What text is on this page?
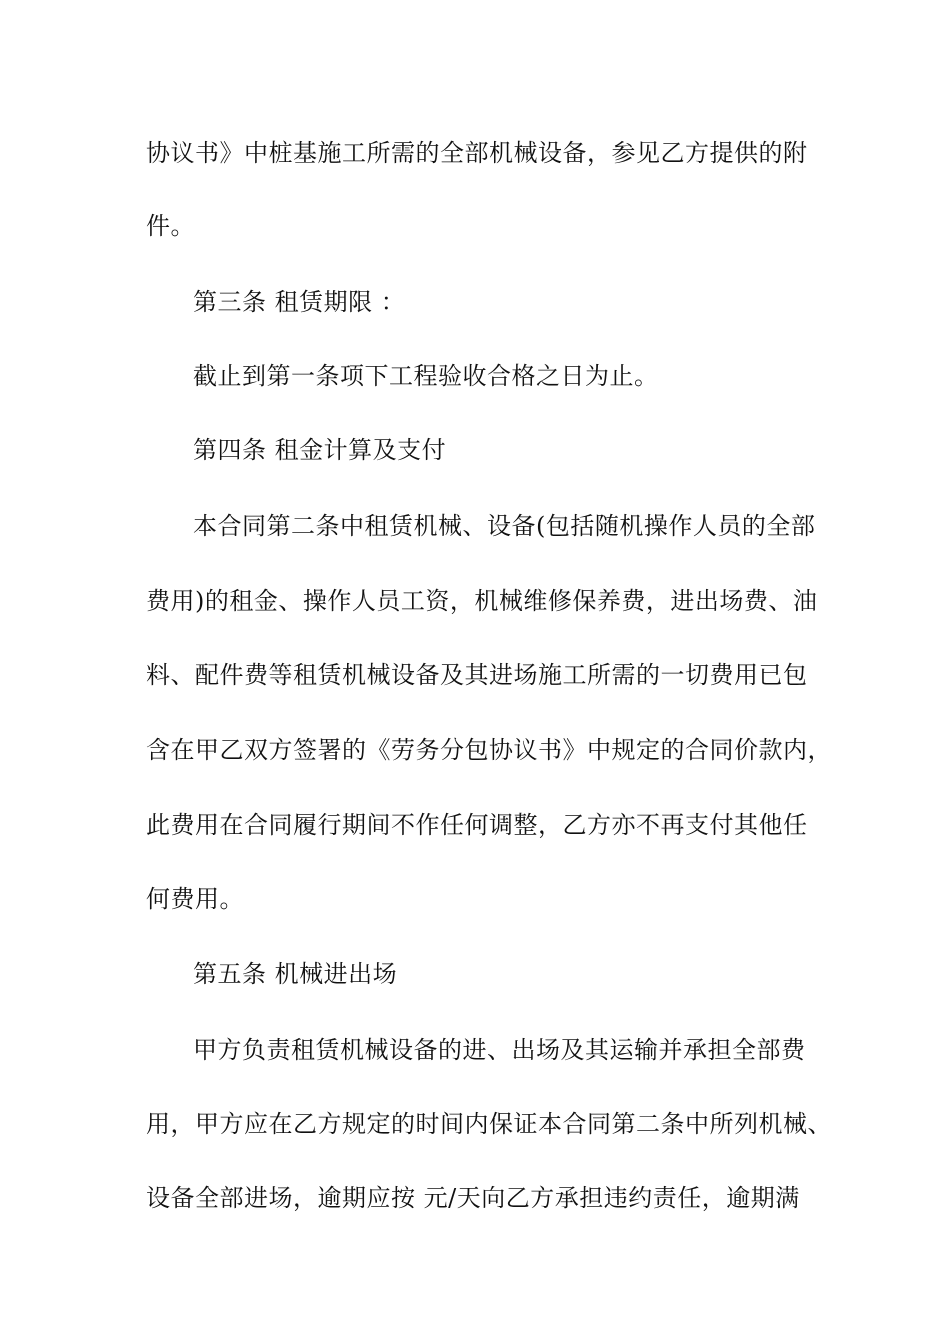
协议书》中桩基施工所需的全部机械设备，参见乙方提供的附
件。
第三条 租赁期限 ：
截止到第一条项下工程验收合格之日为止。
第四条 租金计算及支付
本合同第二条中租赁机械、设备(包括随机操作人员的全部
费用)的租金、操作人员工资，机械维修保养费，进出场费、油
料、配件费等租赁机械设备及其进场施工所需的一切费用已包
含在甲乙双方签署的《劳务分包协议书》中规定的合同价款内，
此费用在合同履行期间不作任何调整，乙方亦不再支付其他任
何费用。
第五条 机械进出场
甲方负责租赁机械设备的进、出场及其运输并承担全部费
用，甲方应在乙方规定的时间内保证本合同第二条中所列机械、
设备全部进场，逾期应按 元/天向乙方承担违约责任，逾期满
